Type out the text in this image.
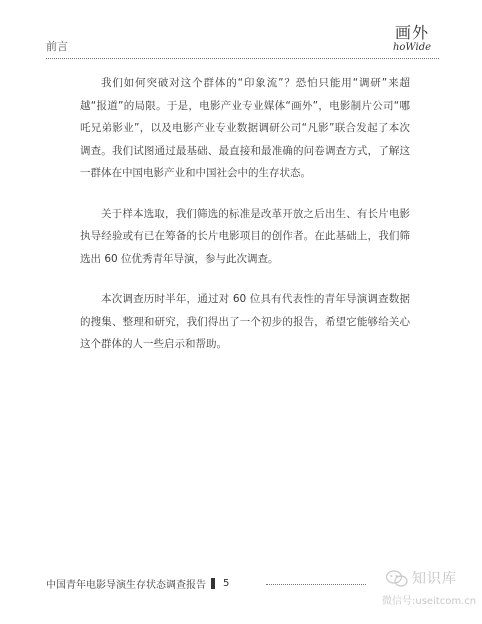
前言
画外
hoWide

我们如何突破对这个群体的“印象流”？恐怕只能用“调研”来超越“报道”的局限。于是，电影产业专业媒体“画外”，电影制片公司“哪吒兄弟影业”，以及电影产业专业数据调研公司“凡影”联合发起了本次调查。我们试图通过最基础、最直接和最准确的问卷调查方式，了解这一群体在中国电影产业和中国社会中的生存状态。

关于样本选取，我们筛选的标准是改革开放之后出生、有长片电影执导经验或有已在筹备的长片电影项目的创作者。在此基础上，我们筛选出 60 位优秀青年导演，参与此次调查。

本次调查历时半年，通过对 60 位具有代表性的青年导演调查数据的搜集、整理和研究，我们得出了一个初步的报告，希望它能够给关心这个群体的人一些启示和帮助。

中国青年电影导演生存状态调查报告 5	知识库
微信号:useitcom.cn
